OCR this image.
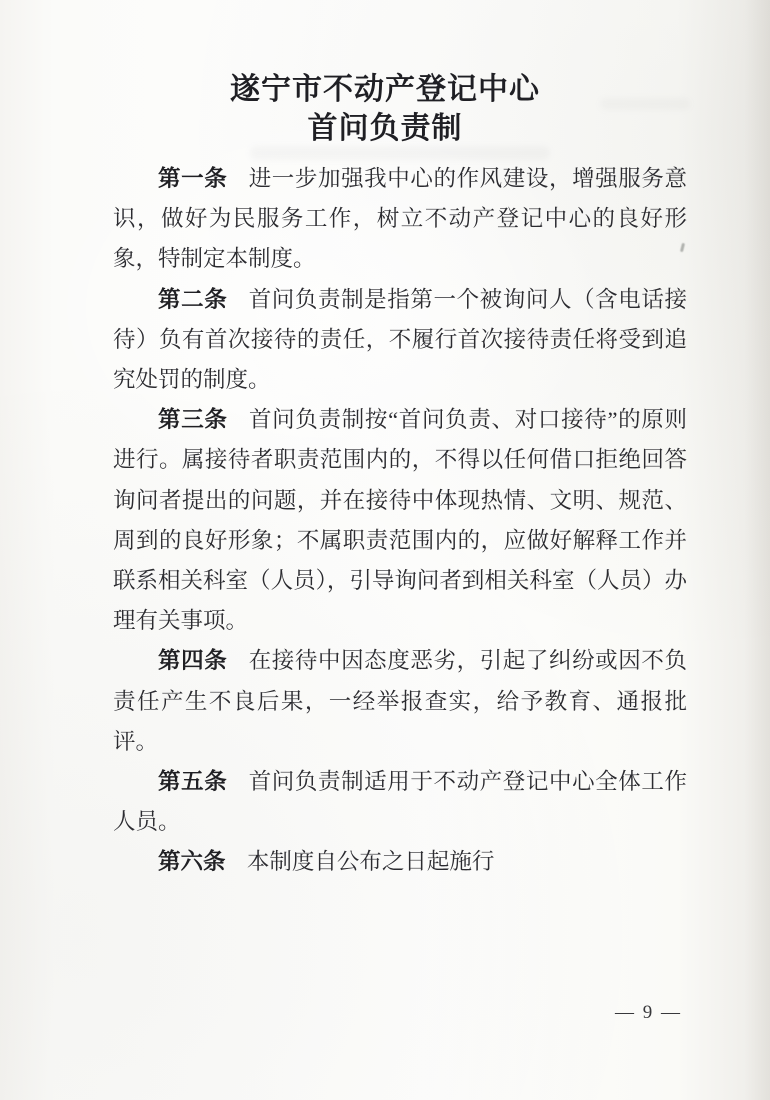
遂宁市不动产登记中心
首问负责制

第一条 进一步加强我中心的作风建设，增强服务意识，做好为民服务工作，树立不动产登记中心的良好形象，特制定本制度。

第二条 首问负责制是指第一个被询问人（含电话接待）负有首次接待的责任，不履行首次接待责任将受到追究处罚的制度。

第三条 首问负责制按“首问负责、对口接待”的原则进行。属接待者职责范围内的，不得以任何借口拒绝回答询问者提出的问题，并在接待中体现热情、文明、规范、周到的良好形象；不属职责范围内的，应做好解释工作并联系相关科室（人员），引导询问者到相关科室（人员）办理有关事项。

第四条 在接待中因态度恶劣，引起了纠纷或因不负责任产生不良后果，一经举报查实，给予教育、通报批评。

第五条 首问负责制适用于不动产登记中心全体工作人员。

第六条 本制度自公布之日起施行

— 9 —
